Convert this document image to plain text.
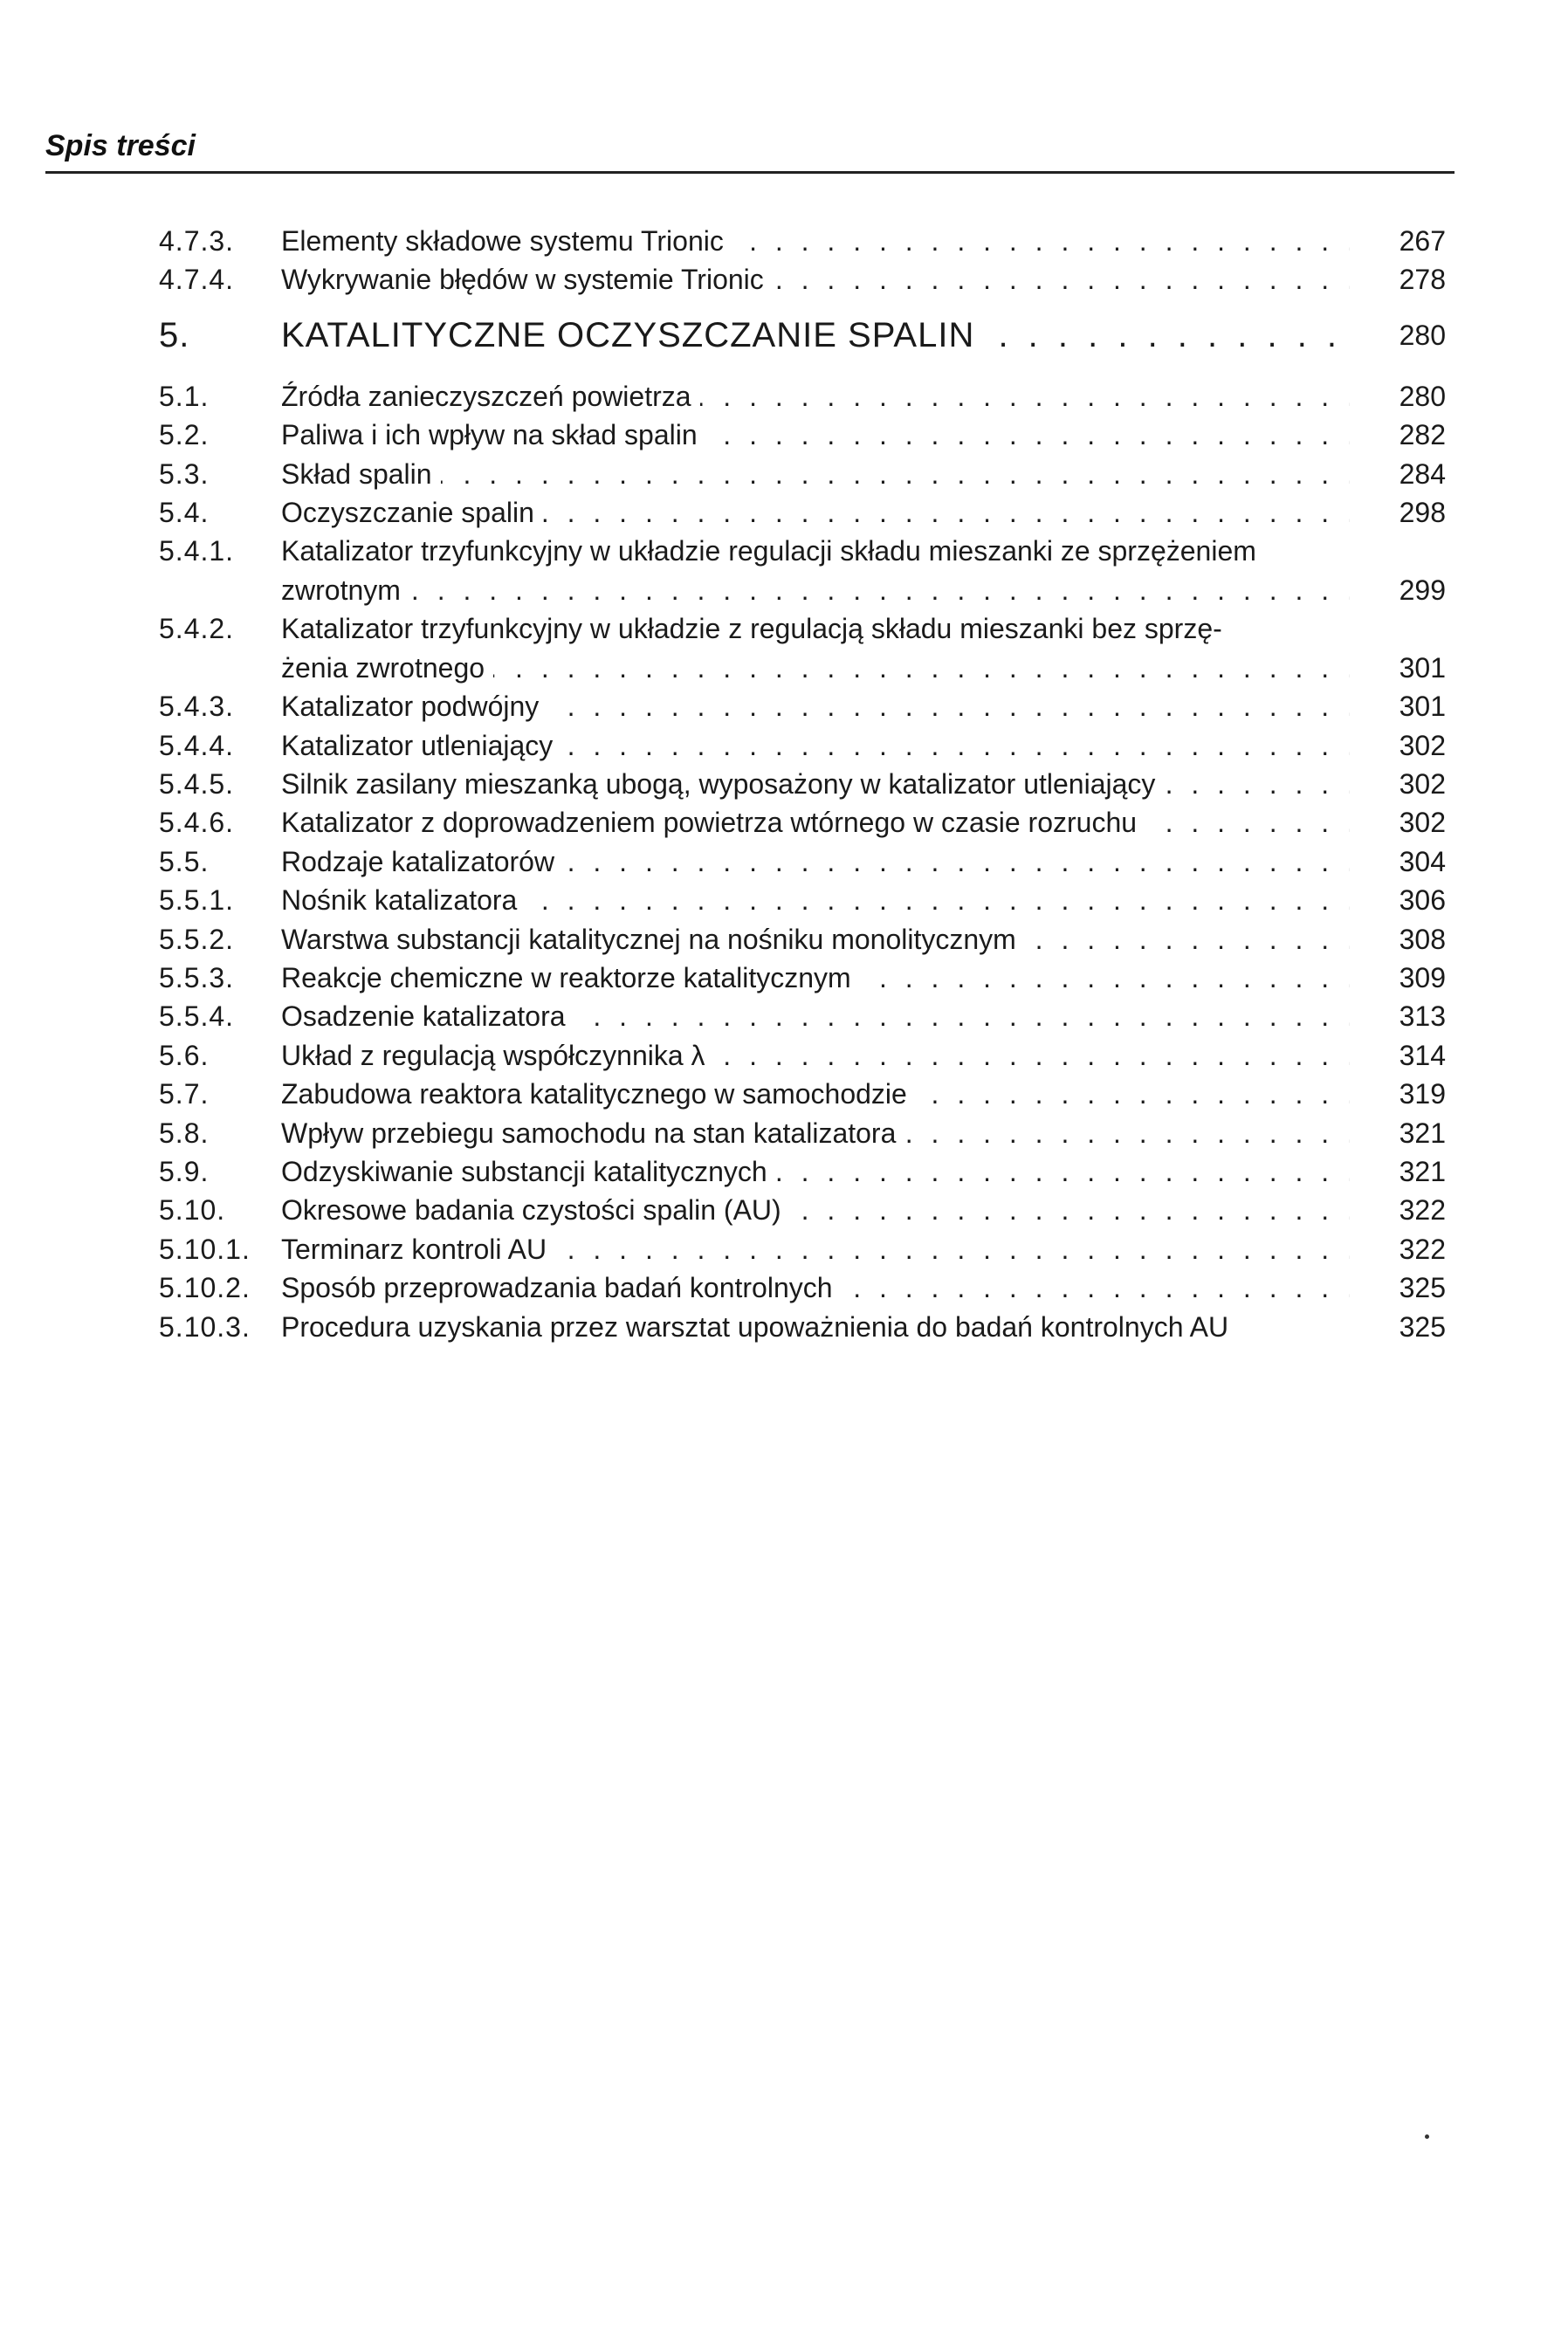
Spis treści
4.7.3. Elementy składowe systemu Trionic . . .	267
4.7.4. Wykrywanie błędów w systemie Trionic . . .	278
5.	KATALITYCZNE OCZYSZCZANIE SPALIN . . .	280
5.1.	Źródła zanieczyszczeń powietrza . . .	280
5.2.	Paliwa i ich wpływ na skład spalin . . .	282
5.3.	Skład spalin . . .	284
5.4.	Oczyszczanie spalin . . .	298
5.4.1. Katalizator trzyfunkcyjny w układzie regulacji składu mieszanki ze sprzężeniem
zwrotnym . . .	299
5.4.2. Katalizator trzyfunkcyjny w układzie z regulacją składu mieszanki bez sprzę-
żenia zwrotnego . . .	301
5.4.3. Katalizator podwójny . . .	301
5.4.4. Katalizator utleniający . . .	302
5.4.5. Silnik zasilany mieszanką ubogą, wyposażony w katalizator utleniający . . .	302
5.4.6. Katalizator z doprowadzeniem powietrza wtórnego w czasie rozruchu . . .	302
5.5.	Rodzaje katalizatorów . . .	304
5.5.1. Nośnik katalizatora . . .	306
5.5.2. Warstwa substancji katalitycznej na nośniku monolitycznym . . .	308
5.5.3. Reakcje chemiczne w reaktorze katalitycznym . . .	309
5.5.4. Osadzenie katalizatora . . .	313
5.6.	Układ z regulacją współczynnika λ . . .	314
5.7.	Zabudowa reaktora katalitycznego w samochodzie . . .	319
5.8.	Wpływ przebiegu samochodu na stan katalizatora . . .	321
5.9.	Odzyskiwanie substancji katalitycznych . . .	321
5.10. Okresowe badania czystości spalin (AU) . . .	322
5.10.1. Terminarz kontroli AU . . .	322
5.10.2. Sposób przeprowadzania badań kontrolnych . . .	325
5.10.3. Procedura uzyskania przez warsztat upoważnienia do badań kontrolnych AU	325
